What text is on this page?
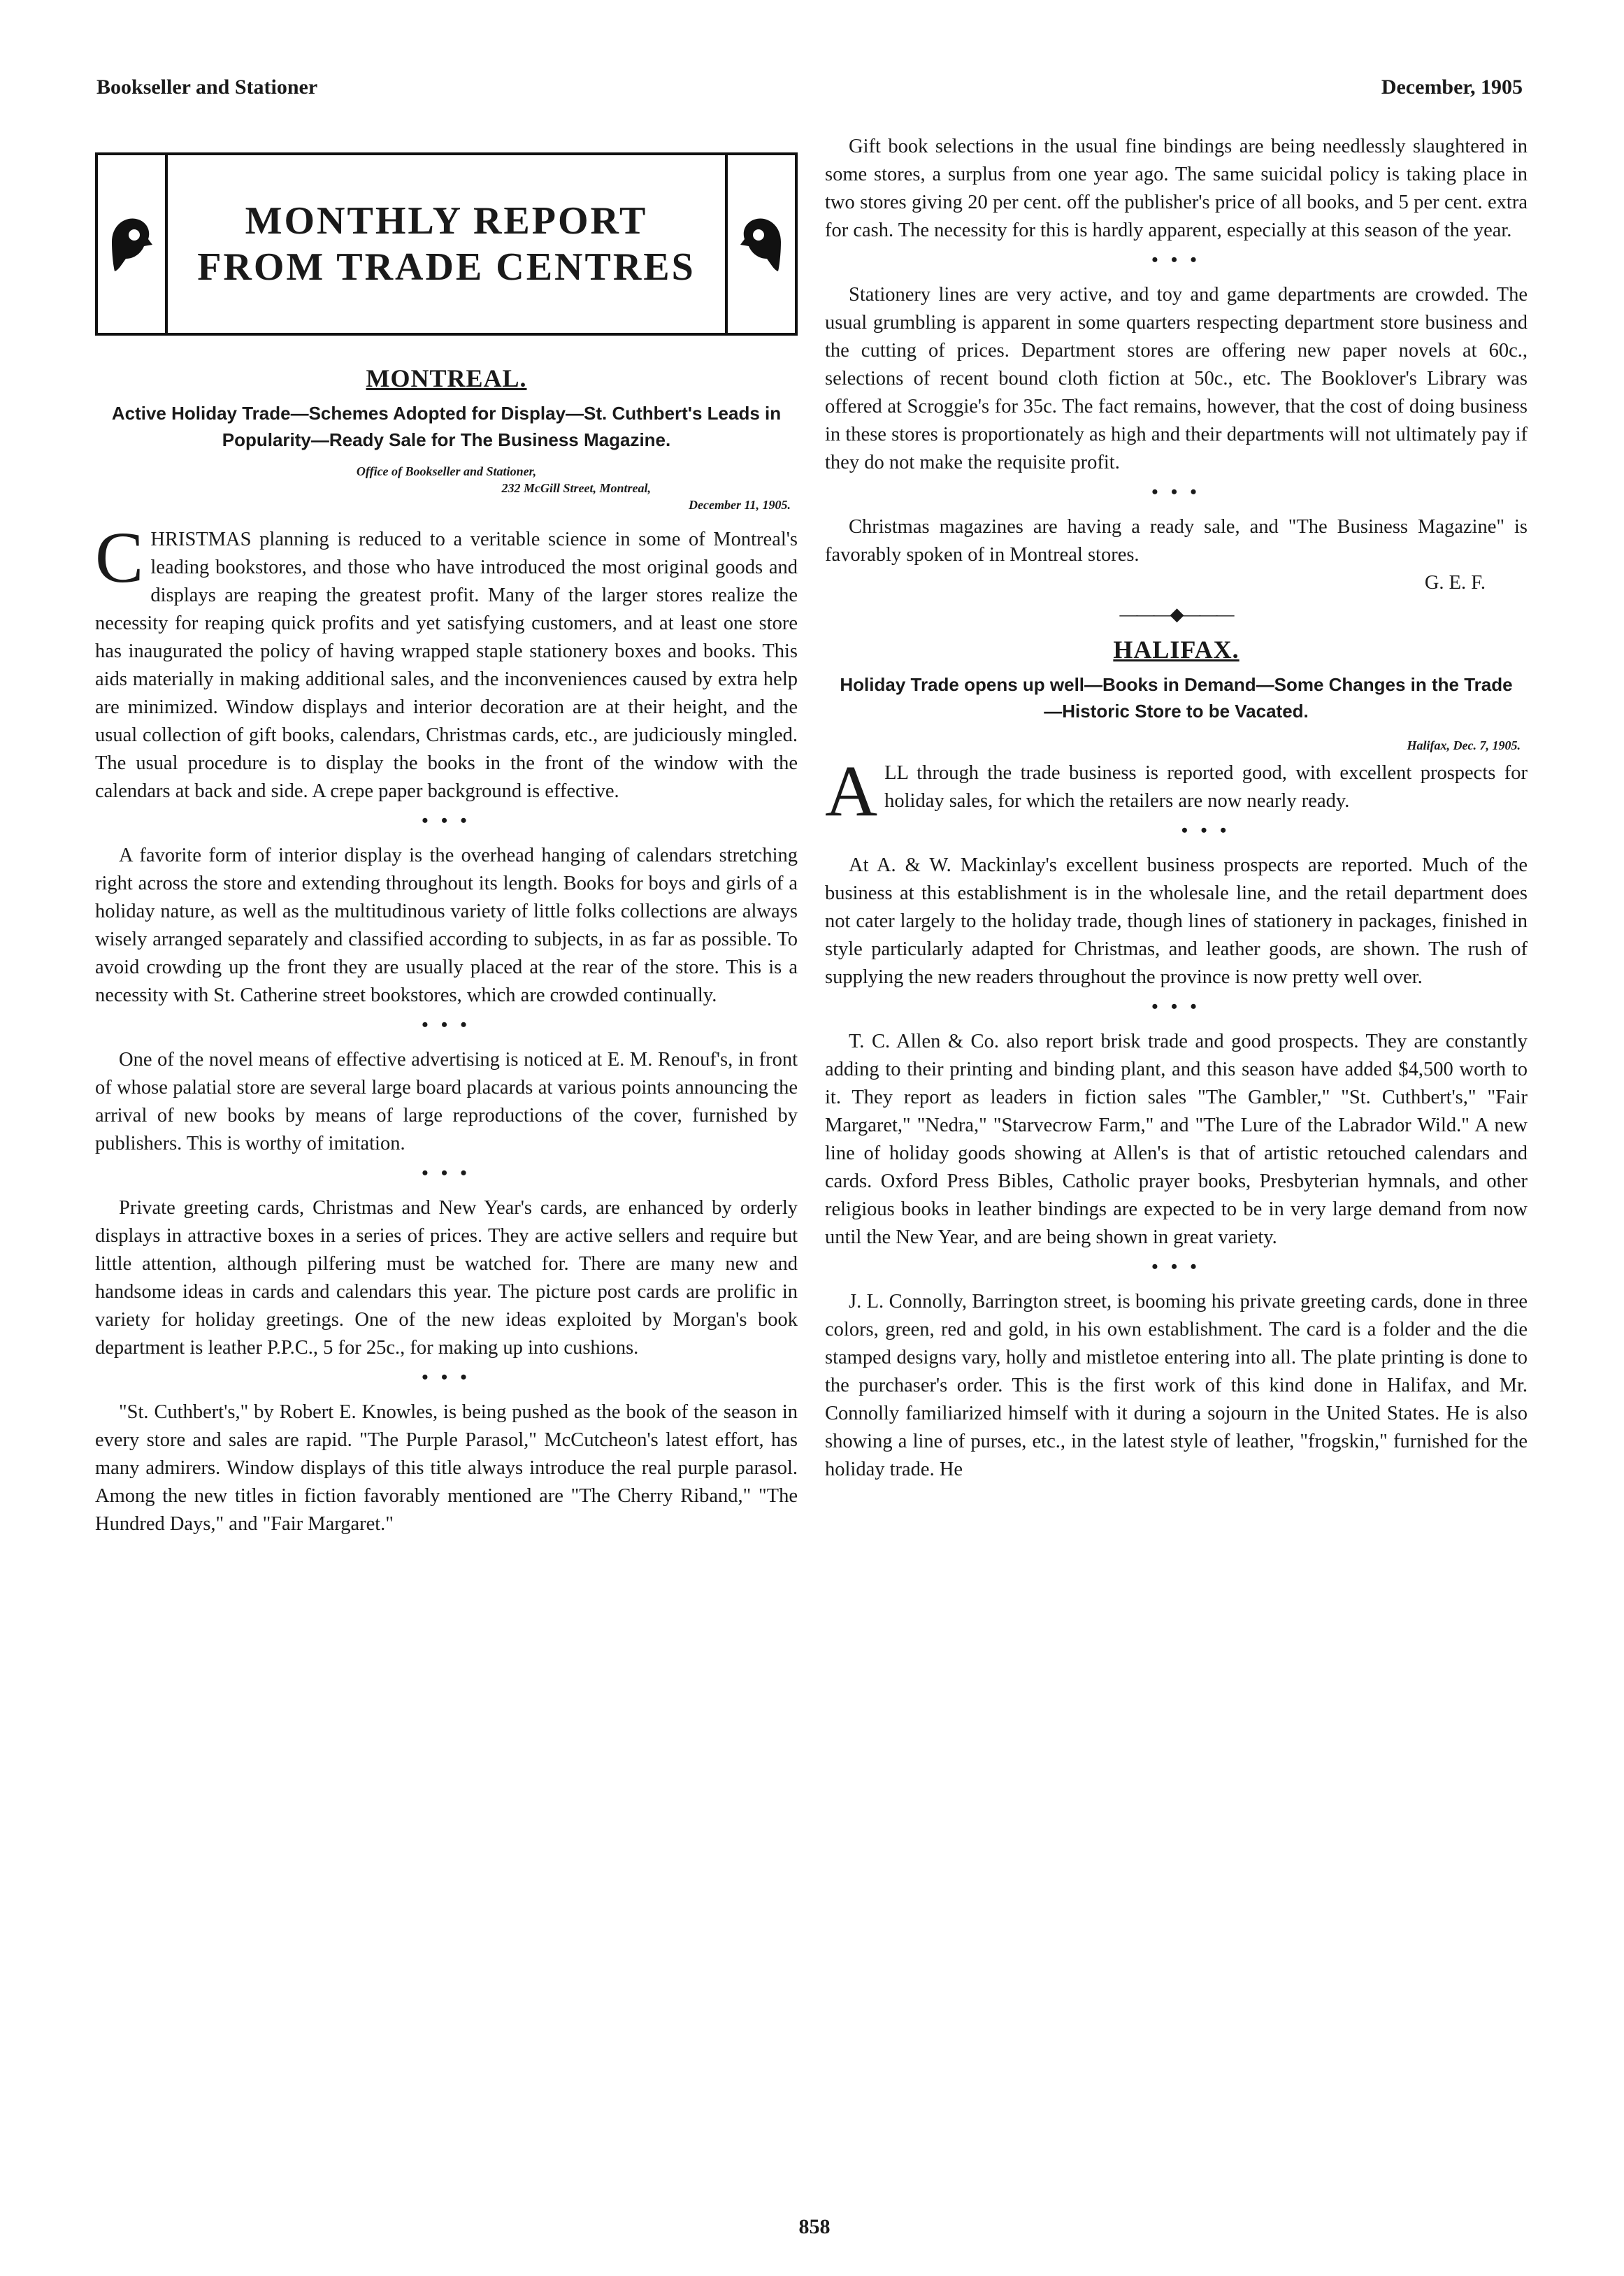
Bookseller and Stationer	December, 1905

MONTHLY REPORT

FROM TRADE CENTRES

MONTREAL.
Active Holiday Trade—Schemes Adopted for Display—St. Cuthbert's Leads in Popularity—Ready Sale for The Business Magazine.
Office of Bookseller and Stationer,
232 McGill Street, Montreal,
December 11, 1905.

CHRISTMAS planning is reduced to a veritable science in some of Montreal's leading bookstores, and those who have introduced the most original goods and displays are reaping the greatest profit. Many of the larger stores realize the necessity for reaping quick profits and yet satisfying customers, and at least one store has inaugurated the policy of having wrapped staple stationery boxes and books. This aids materially in making additional sales, and the inconveniences caused by extra help are minimized. Window displays and interior decoration are at their height, and the usual collection of gift books, calendars, Christmas cards, etc., are judiciously mingled. The usual procedure is to display the books in the front of the window with the calendars at back and side. A crepe paper background is effective.

• • •

A favorite form of interior display is the overhead hanging of calendars stretching right across the store and extending throughout its length. Books for boys and girls of a holiday nature, as well as the multitudinous variety of little folks collections are always wisely arranged separately and classified according to subjects, in as far as possible. To avoid crowding up the front they are usually placed at the rear of the store. This is a necessity with St. Catherine street bookstores, which are crowded continually.

• • •

One of the novel means of effective advertising is noticed at E. M. Renouf's, in front of whose palatial store are several large board placards at various points announcing the arrival of new books by means of large reproductions of the cover, furnished by publishers. This is worthy of imitation.

• • •

Private greeting cards, Christmas and New Year's cards, are enhanced by orderly displays in attractive boxes in a series of prices. They are active sellers and require but little attention, although pilfering must be watched for. There are many new and handsome ideas in cards and calendars this year. The picture post cards are prolific in variety for holiday greetings. One of the new ideas exploited by Morgan's book department is leather P.P.C., 5 for 25c., for making up into cushions.

• • •

"St. Cuthbert's," by Robert E. Knowles, is being pushed as the book of the season in every store and sales are rapid. "The Purple Parasol," McCutcheon's latest effort, has many admirers. Window displays of this title always introduce the real purple parasol. Among the new titles in fiction favorably mentioned are "The Cherry Riband," "The Hundred Days," and "Fair Margaret."

Gift book selections in the usual fine bindings are being needlessly slaughtered in some stores, a surplus from one year ago. The same suicidal policy is taking place in two stores giving 20 per cent. off the publisher's price of all books, and 5 per cent. extra for cash. The necessity for this is hardly apparent, especially at this season of the year.

• • •

Stationery lines are very active, and toy and game departments are crowded. The usual grumbling is apparent in some quarters respecting department store business and the cutting of prices. Department stores are offering new paper novels at 60c., selections of recent bound cloth fiction at 50c., etc. The Booklover's Library was offered at Scroggie's for 35c. The fact remains, however, that the cost of doing business in these stores is proportionately as high and their departments will not ultimately pay if they do not make the requisite profit.

• • •

Christmas magazines are having a ready sale, and "The Business Magazine" is favorably spoken of in Montreal stores.

G. E. F.
———◆———
HALIFAX.
Holiday Trade opens up well—Books in Demand—Some Changes in the Trade—Historic Store to be Vacated.
Halifax, Dec. 7, 1905.

ALL through the trade business is reported good, with excellent prospects for holiday sales, for which the retailers are now nearly ready.

• • •

At A. & W. Mackinlay's excellent business prospects are reported. Much of the business at this establishment is in the wholesale line, and the retail department does not cater largely to the holiday trade, though lines of stationery in packages, finished in style particularly adapted for Christmas, and leather goods, are shown. The rush of supplying the new readers throughout the province is now pretty well over.

• • •

T. C. Allen & Co. also report brisk trade and good prospects. They are constantly adding to their printing and binding plant, and this season have added $4,500 worth to it. They report as leaders in fiction sales "The Gambler," "St. Cuthbert's," "Fair Margaret," "Nedra," "Starvecrow Farm," and "The Lure of the Labrador Wild." A new line of holiday goods showing at Allen's is that of artistic retouched calendars and cards. Oxford Press Bibles, Catholic prayer books, Presbyterian hymnals, and other religious books in leather bindings are expected to be in very large demand from now until the New Year, and are being shown in great variety.

• • •

J. L. Connolly, Barrington street, is booming his private greeting cards, done in three colors, green, red and gold, in his own establishment. The card is a folder and the die stamped designs vary, holly and mistletoe entering into all. The plate printing is done to the purchaser's order. This is the first work of this kind done in Halifax, and Mr. Connolly familiarized himself with it during a sojourn in the United States. He is also showing a line of purses, etc., in the latest style of leather, "frogskin," furnished for the holiday trade. He

858
